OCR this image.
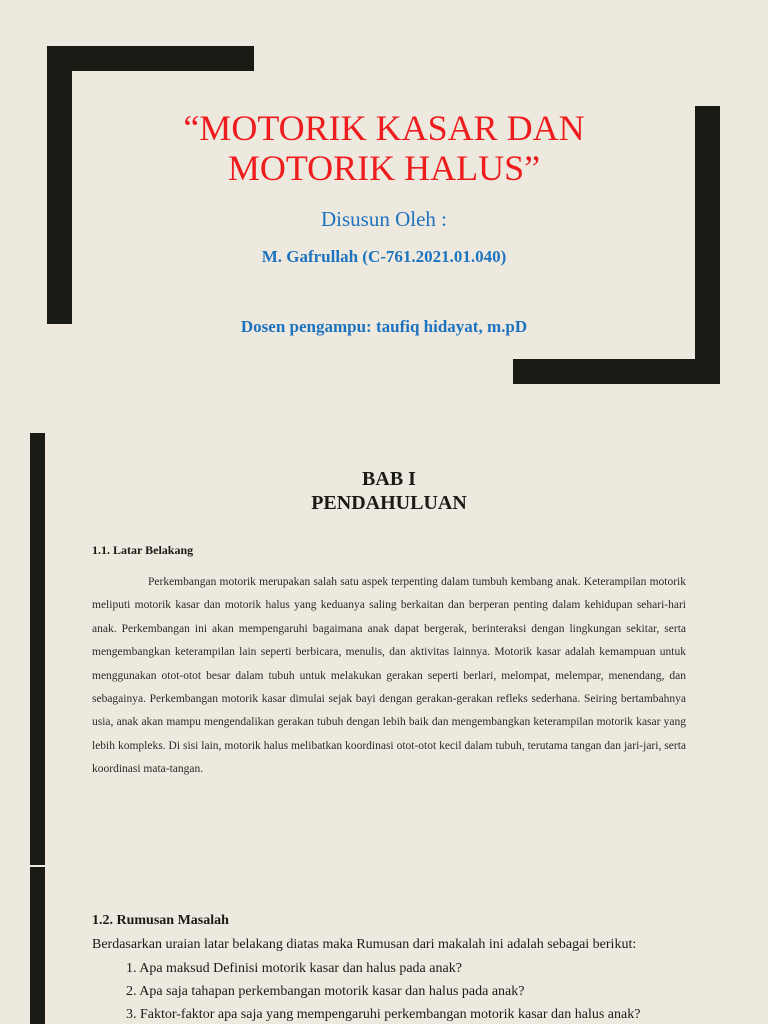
“MOTORIK KASAR DAN
MOTORIK HALUS”

Disusun Oleh :

M. Gafrullah (C-761.2021.01.040)

Dosen pengampu: taufiq hidayat, m.pD

BAB I
PENDAHULUAN
1.1. Latar Belakang

Perkembangan motorik merupakan salah satu aspek terpenting dalam tumbuh kembang anak. Keterampilan motorik meliputi motorik kasar dan motorik halus yang keduanya saling berkaitan dan berperan penting dalam kehidupan sehari-hari anak. Perkembangan ini akan mempengaruhi bagaimana anak dapat bergerak, berinteraksi dengan lingkungan sekitar, serta mengembangkan keterampilan lain seperti berbicara, menulis, dan aktivitas lainnya. Motorik kasar adalah kemampuan untuk menggunakan otot-otot besar dalam tubuh untuk melakukan gerakan seperti berlari, melompat, melempar, menendang, dan sebagainya. Perkembangan motorik kasar dimulai sejak bayi dengan gerakan-gerakan refleks sederhana. Seiring bertambahnya usia, anak akan mampu mengendalikan gerakan tubuh dengan lebih baik dan mengembangkan keterampilan motorik kasar yang lebih kompleks. Di sisi lain, motorik halus melibatkan koordinasi otot-otot kecil dalam tubuh, terutama tangan dan jari-jari, serta koordinasi mata-tangan.

1.2. Rumusan Masalah

Berdasarkan uraian latar belakang diatas maka Rumusan dari makalah ini adalah sebagai berikut:

1. Apa maksud Definisi motorik kasar dan halus pada anak?
2. Apa saja tahapan perkembangan motorik kasar dan halus pada anak?
3. Faktor-faktor apa saja yang mempengaruhi perkembangan motorik kasar dan halus anak?
